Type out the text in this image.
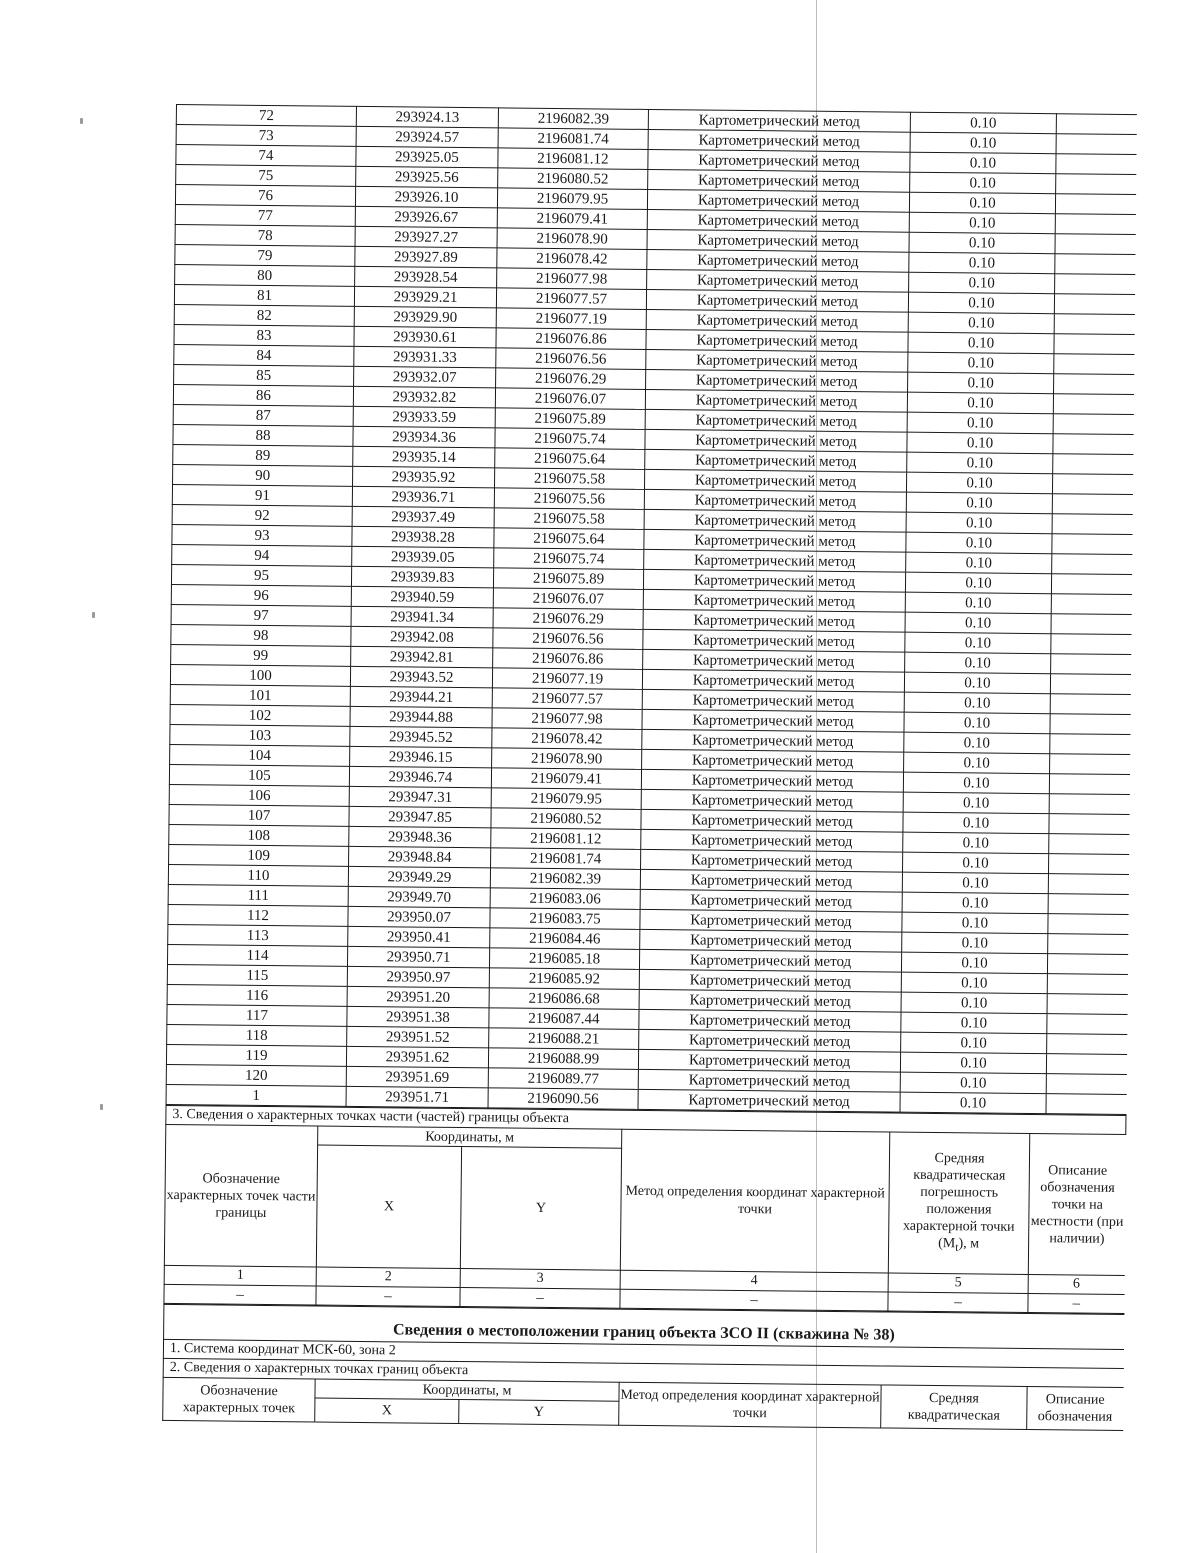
72	293924.13	2196082.39	Картометрический метод	0.10	
73	293924.57	2196081.74	Картометрический метод	0.10	
74	293925.05	2196081.12	Картометрический метод	0.10	
75	293925.56	2196080.52	Картометрический метод	0.10	
76	293926.10	2196079.95	Картометрический метод	0.10	
77	293926.67	2196079.41	Картометрический метод	0.10	
78	293927.27	2196078.90	Картометрический метод	0.10	
79	293927.89	2196078.42	Картометрический метод	0.10	
80	293928.54	2196077.98	Картометрический метод	0.10	
81	293929.21	2196077.57	Картометрический метод	0.10	
82	293929.90	2196077.19	Картометрический метод	0.10	
83	293930.61	2196076.86	Картометрический метод	0.10	
84	293931.33	2196076.56	Картометрический метод	0.10	
85	293932.07	2196076.29	Картометрический метод	0.10	
86	293932.82	2196076.07	Картометрический метод	0.10	
87	293933.59	2196075.89	Картометрический метод	0.10	
88	293934.36	2196075.74	Картометрический метод	0.10	
89	293935.14	2196075.64	Картометрический метод	0.10	
90	293935.92	2196075.58	Картометрический метод	0.10	
91	293936.71	2196075.56	Картометрический метод	0.10	
92	293937.49	2196075.58	Картометрический метод	0.10	
93	293938.28	2196075.64	Картометрический метод	0.10	
94	293939.05	2196075.74	Картометрический метод	0.10	
95	293939.83	2196075.89	Картометрический метод	0.10	
96	293940.59	2196076.07	Картометрический метод	0.10	
97	293941.34	2196076.29	Картометрический метод	0.10	
98	293942.08	2196076.56	Картометрический метод	0.10	
99	293942.81	2196076.86	Картометрический метод	0.10	
100	293943.52	2196077.19	Картометрический метод	0.10	
101	293944.21	2196077.57	Картометрический метод	0.10	
102	293944.88	2196077.98	Картометрический метод	0.10	
103	293945.52	2196078.42	Картометрический метод	0.10	
104	293946.15	2196078.90	Картометрический метод	0.10	
105	293946.74	2196079.41	Картометрический метод	0.10	
106	293947.31	2196079.95	Картометрический метод	0.10	
107	293947.85	2196080.52	Картометрический метод	0.10	
108	293948.36	2196081.12	Картометрический метод	0.10	
109	293948.84	2196081.74	Картометрический метод	0.10	
110	293949.29	2196082.39	Картометрический метод	0.10	
111	293949.70	2196083.06	Картометрический метод	0.10	
112	293950.07	2196083.75	Картометрический метод	0.10	
113	293950.41	2196084.46	Картометрический метод	0.10	
114	293950.71	2196085.18	Картометрический метод	0.10	
115	293950.97	2196085.92	Картометрический метод	0.10	
116	293951.20	2196086.68	Картометрический метод	0.10	
117	293951.38	2196087.44	Картометрический метод	0.10	
118	293951.52	2196088.21	Картометрический метод	0.10	
119	293951.62	2196088.99	Картометрический метод	0.10	
120	293951.69	2196089.77	Картометрический метод	0.10	
1	293951.71	2196090.56	Картометрический метод	0.10	
3. Сведения о характерных точках части (частей) границы объекта					
Обозначение характерных точек части границы	Координаты, м		Метод определения координат характерной точки	Средняя квадратическая погрешность положения характерной точки $(M_t)$, м	Описание обозначения точки на местности (при наличии)
	X	Y			
1	2	3	4	5	6
–	–	–	–	–	–
Сведения о местоположении границ объекта ЗСО II (скважина № 38)					
1. Система координат МСК-60, зона 2					
2. Сведения о характерных точках границ объекта					
Обозначение характерных точек	Координаты, м		Метод определения координат характерной точки	Средняя квадратическая	Описание обозначения
	X	Y			
